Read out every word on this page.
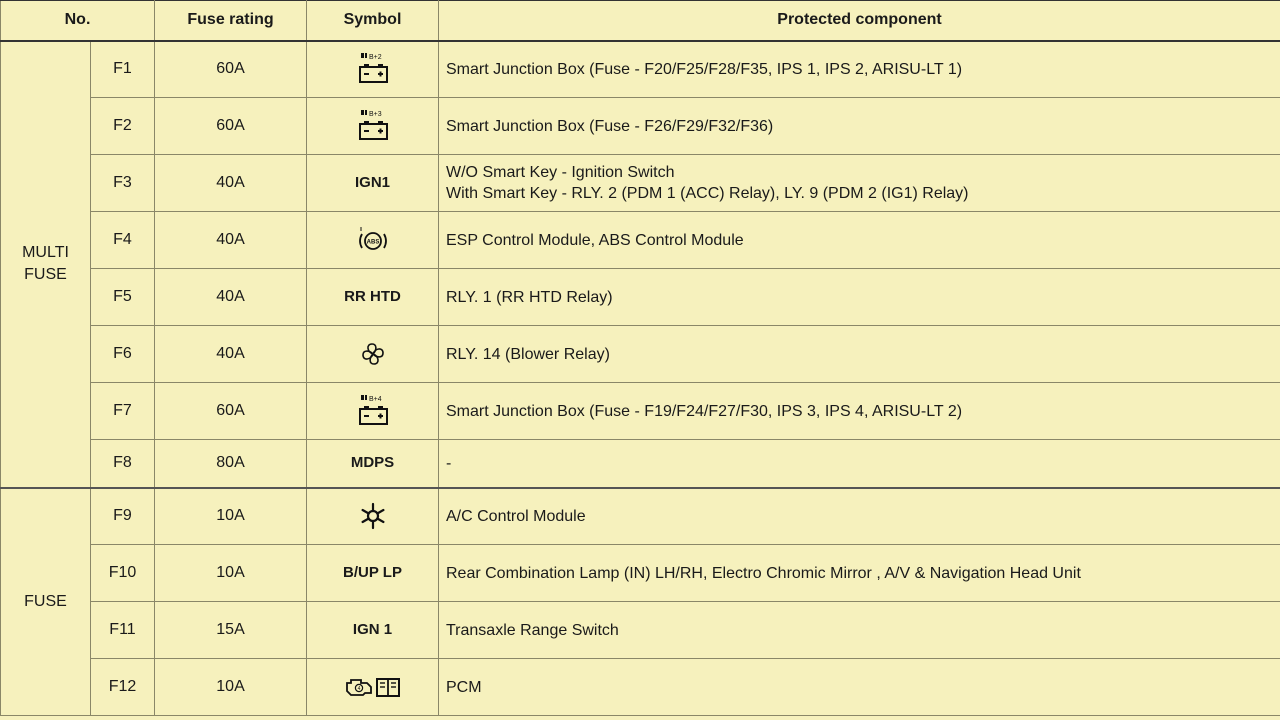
No.		Fuse rating	Symbol	Protected component

MULTI
FUSE	F1	60A	B+2	Smart Junction Box (Fuse - F20/F25/F28/F35, IPS 1, IPS 2, ARISU-LT 1)

	F2	60A	B+3	Smart Junction Box (Fuse - F26/F29/F32/F36)

	F3	40A	IGN1	W/O Smart Key - Ignition Switch
With Smart Key - RLY. 2 (PDM 1 (ACC) Relay), LY. 9 (PDM 2 (IG1) Relay)

	F4	40A	ABS	ESP Control Module, ABS Control Module

	F5	40A	RR HTD	RLY. 1 (RR HTD Relay)

	F6	40A		RLY. 14 (Blower Relay)

	F7	60A	B+4	Smart Junction Box (Fuse - F19/F24/F27/F30, IPS 3, IPS 4, ARISU-LT 2)

	F8	80A	MDPS	-

FUSE	F9	10A		A/C Control Module

	F10	10A	B/UP LP	Rear Combination Lamp (IN) LH/RH, Electro Chromic Mirror , A/V & Navigation Head Unit

	F11	15A	IGN 1	Transaxle Range Switch

	F12	10A	4	PCM
